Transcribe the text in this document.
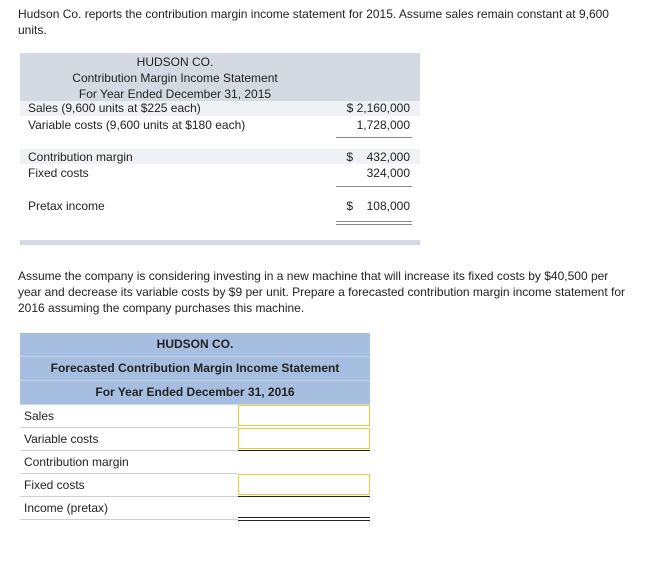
Hudson Co. reports the contribution margin income statement for 2015. Assume sales remain constant at 9,600 units.
HUDSON CO.
Contribution Margin Income Statement
For Year Ended December 31, 2015
Sales (9,600 units at $225 each)	$ 2,160,000
Variable costs (9,600 units at $180 each)	1,728,000
Contribution margin	$ 432,000
Fixed costs	324,000
Pretax income	$ 108,000
Assume the company is considering investing in a new machine that will increase its fixed costs by $40,500 per year and decrease its variable costs by $9 per unit. Prepare a forecasted contribution margin income statement for 2016 assuming the company purchases this machine.
HUDSON CO.
Forecasted Contribution Margin Income Statement
For Year Ended December 31, 2016
Sales
Variable costs
Contribution margin
Fixed costs
Income (pretax)
